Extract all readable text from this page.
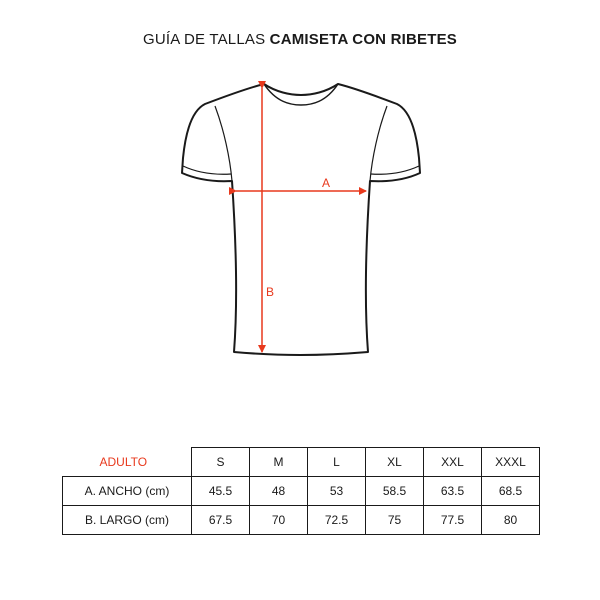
GUÍA DE TALLAS CAMISETA CON RIBETES
A
B
ADULTO	S	M	L	XL	XXL	XXXL
A. ANCHO (cm)	45.5	48	53	58.5	63.5	68.5
B. LARGO (cm)	67.5	70	72.5	75	77.5	80
